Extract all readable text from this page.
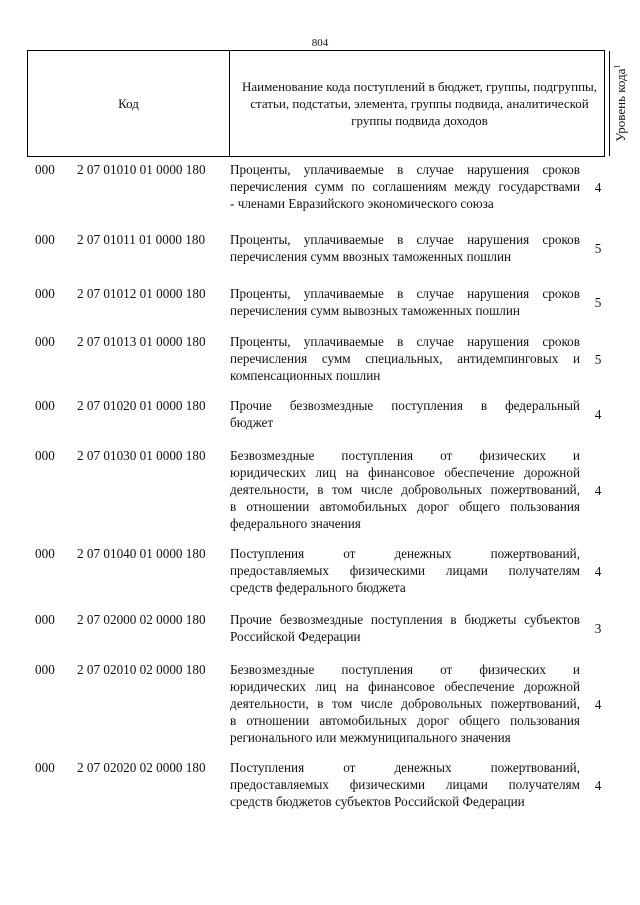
804
Код
Наименование кода поступлений в бюджет, группы, подгруппы, статьи, подстатьи, элемента, группы подвида, аналитической группы подвида доходов	Уровень кода$^1$
000	2 07 01010 01 0000 180	Проценты, уплачиваемые в случае нарушения сроков
перечисления сумм по соглашениям между государствами
- членами Евразийского экономического союза
4
000	2 07 01011 01 0000 180	Проценты, уплачиваемые в случае нарушения сроков
перечисления сумм ввозных таможенных пошлин
5
000	2 07 01012 01 0000 180	Проценты, уплачиваемые в случае нарушения сроков
перечисления сумм вывозных таможенных пошлин
5
000	2 07 01013 01 0000 180	Проценты, уплачиваемые в случае нарушения сроков
перечисления сумм специальных, антидемпинговых и
компенсационных пошлин
5
000	2 07 01020 01 0000 180	Прочие безвозмездные поступления в федеральный
бюджет
4
000	2 07 01030 01 0000 180	Безвозмездные поступления от физических и
юридических лиц на финансовое обеспечение дорожной
деятельности, в том числе добровольных пожертвований,
в отношении автомобильных дорог общего пользования
федерального значения
4
000	2 07 01040 01 0000 180	Поступления от денежных пожертвований,
предоставляемых физическими лицами получателям
средств федерального бюджета
4
000	2 07 02000 02 0000 180	Прочие безвозмездные поступления в бюджеты субъектов
Российской Федерации
3
000	2 07 02010 02 0000 180	Безвозмездные поступления от физических и
юридических лиц на финансовое обеспечение дорожной
деятельности, в том числе добровольных пожертвований,
в отношении автомобильных дорог общего пользования
регионального или межмуниципального значения
4
000	2 07 02020 02 0000 180	Поступления от денежных пожертвований,
предоставляемых физическими лицами получателям
средств бюджетов субъектов Российской Федерации
4
